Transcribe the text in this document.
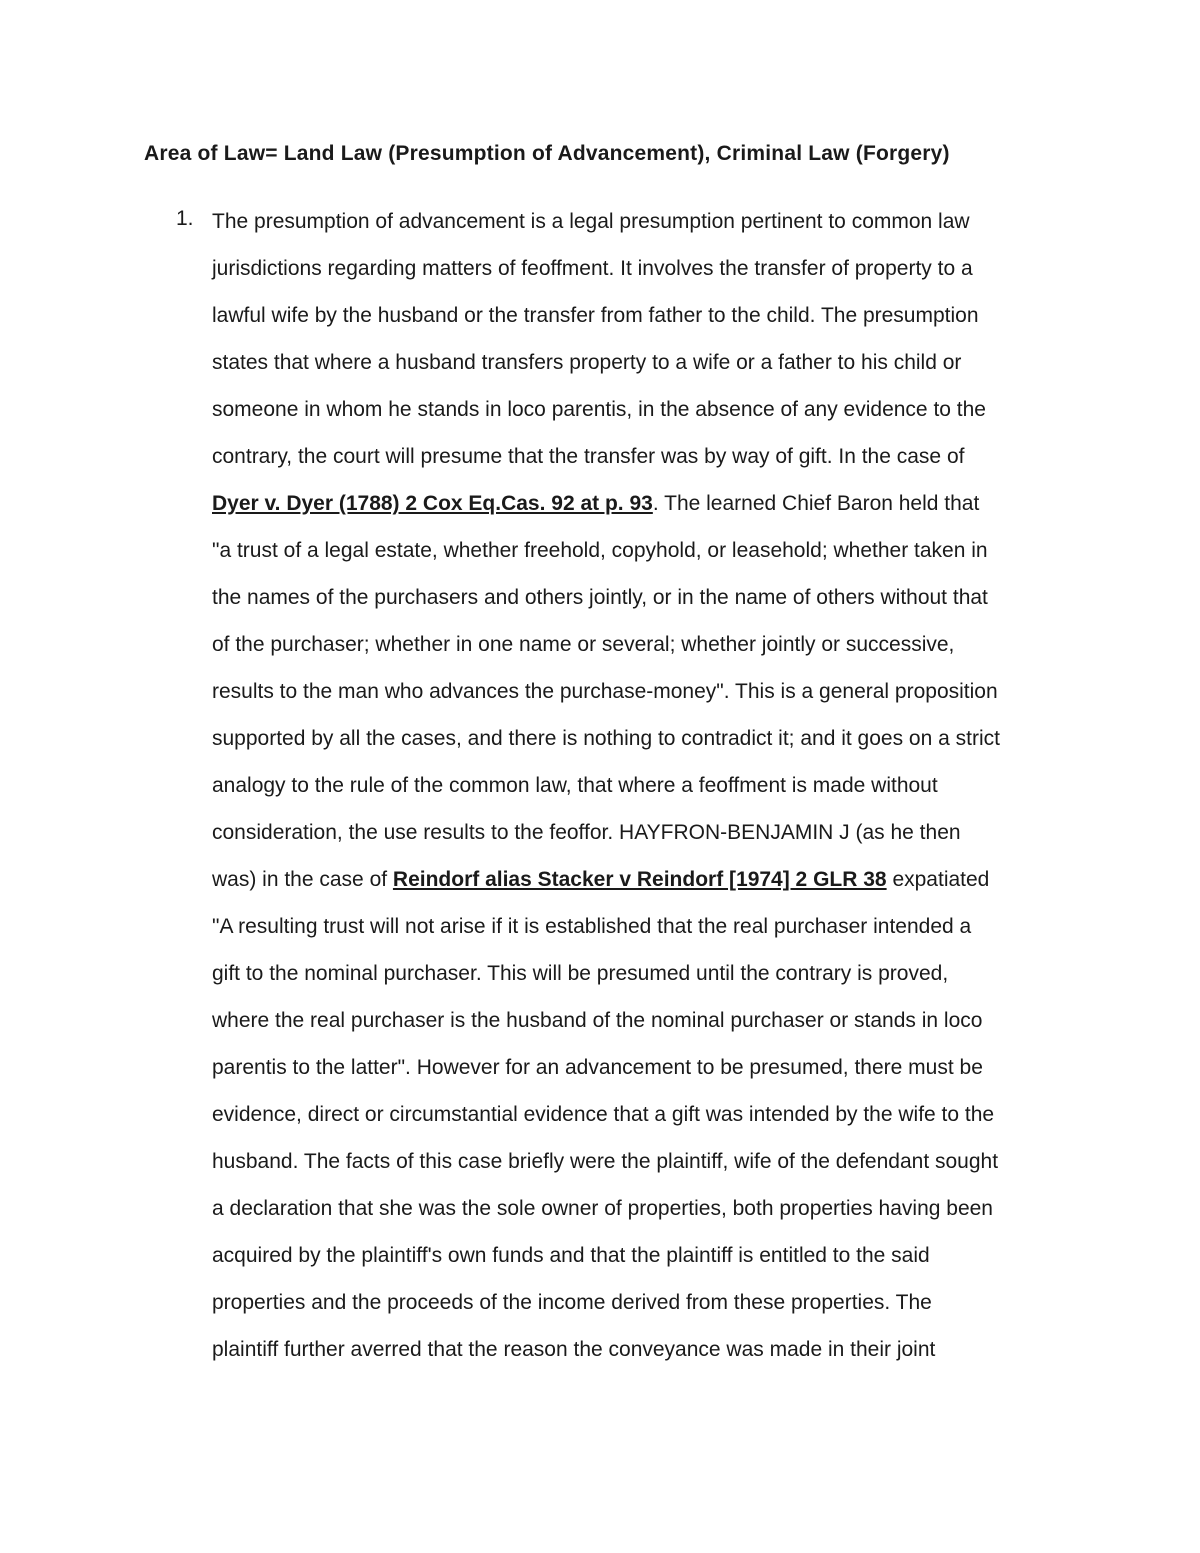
Area of Law= Land Law (Presumption of Advancement), Criminal Law (Forgery)
1. The presumption of advancement is a legal presumption pertinent to common law
jurisdictions regarding matters of feoffment. It involves the transfer of property to a
lawful wife by the husband or the transfer from father to the child. The presumption
states that where a husband transfers property to a wife or a father to his child or
someone in whom he stands in loco parentis, in the absence of any evidence to the
contrary, the court will presume that the transfer was by way of gift. In the case of
Dyer v. Dyer (1788) 2 Cox Eq.Cas. 92 at p. 93. The learned Chief Baron held that
"a trust of a legal estate, whether freehold, copyhold, or leasehold; whether taken in
the names of the purchasers and others jointly, or in the name of others without that
of the purchaser; whether in one name or several; whether jointly or successive,
results to the man who advances the purchase-money". This is a general proposition
supported by all the cases, and there is nothing to contradict it; and it goes on a strict
analogy to the rule of the common law, that where a feoffment is made without
consideration, the use results to the feoffor. HAYFRON-BENJAMIN J (as he then
was) in the case of Reindorf alias Stacker v Reindorf [1974] 2 GLR 38 expatiated
"A resulting trust will not arise if it is established that the real purchaser intended a
gift to the nominal purchaser. This will be presumed until the contrary is proved,
where the real purchaser is the husband of the nominal purchaser or stands in loco
parentis to the latter". However for an advancement to be presumed, there must be
evidence, direct or circumstantial evidence that a gift was intended by the wife to the
husband. The facts of this case briefly were the plaintiff, wife of the defendant sought
a declaration that she was the sole owner of properties, both properties having been
acquired by the plaintiff's own funds and that the plaintiff is entitled to the said
properties and the proceeds of the income derived from these properties. The
plaintiff further averred that the reason the conveyance was made in their joint
